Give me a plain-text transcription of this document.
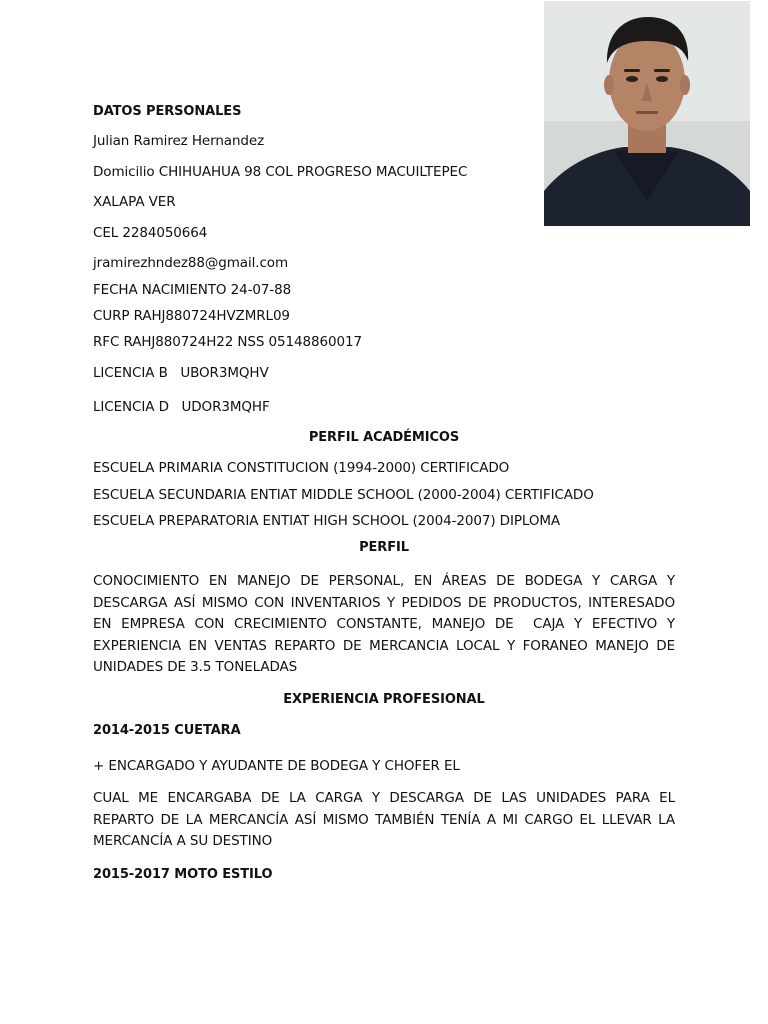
DATOS PERSONALES
Julian Ramirez Hernandez
Domicilio CHIHUAHUA 98 COL PROGRESO MACUILTEPEC
XALAPA VER
CEL 2284050664
jramirezhndez88@gmail.com
FECHA NACIMIENTO 24-07-88
CURP RAHJ880724HVZMRL09
RFC RAHJ880724H22 NSS 05148860017
LICENCIA B   UBOR3MQHV
LICENCIA D   UDOR3MQHF
PERFIL ACADÉMICOS
ESCUELA PRIMARIA CONSTITUCION (1994-2000) CERTIFICADO
ESCUELA SECUNDARIA ENTIAT MIDDLE SCHOOL (2000-2004) CERTIFICADO
ESCUELA PREPARATORIA ENTIAT HIGH SCHOOL (2004-2007) DIPLOMA
PERFIL
CONOCIMIENTO EN MANEJO DE PERSONAL, EN ÁREAS DE BODEGA Y CARGA Y DESCARGA ASÍ MISMO CON INVENTARIOS Y PEDIDOS DE PRODUCTOS, INTERESADO EN EMPRESA CON CRECIMIENTO CONSTANTE, MANEJO DE  CAJA Y EFECTIVO Y EXPERIENCIA EN VENTAS REPARTO DE MERCANCIA LOCAL Y FORANEO MANEJO DE UNIDADES DE 3.5 TONELADAS
EXPERIENCIA PROFESIONAL
2014-2015 CUETARA
+ ENCARGADO Y AYUDANTE DE BODEGA Y CHOFER EL
CUAL ME ENCARGABA DE LA CARGA Y DESCARGA DE LAS UNIDADES PARA EL REPARTO DE LA MERCANCÍA ASÍ MISMO TAMBIÉN TENÍA A MI CARGO EL LLEVAR LA MERCANCÍA A SU DESTINO
2015-2017 MOTO ESTILO
